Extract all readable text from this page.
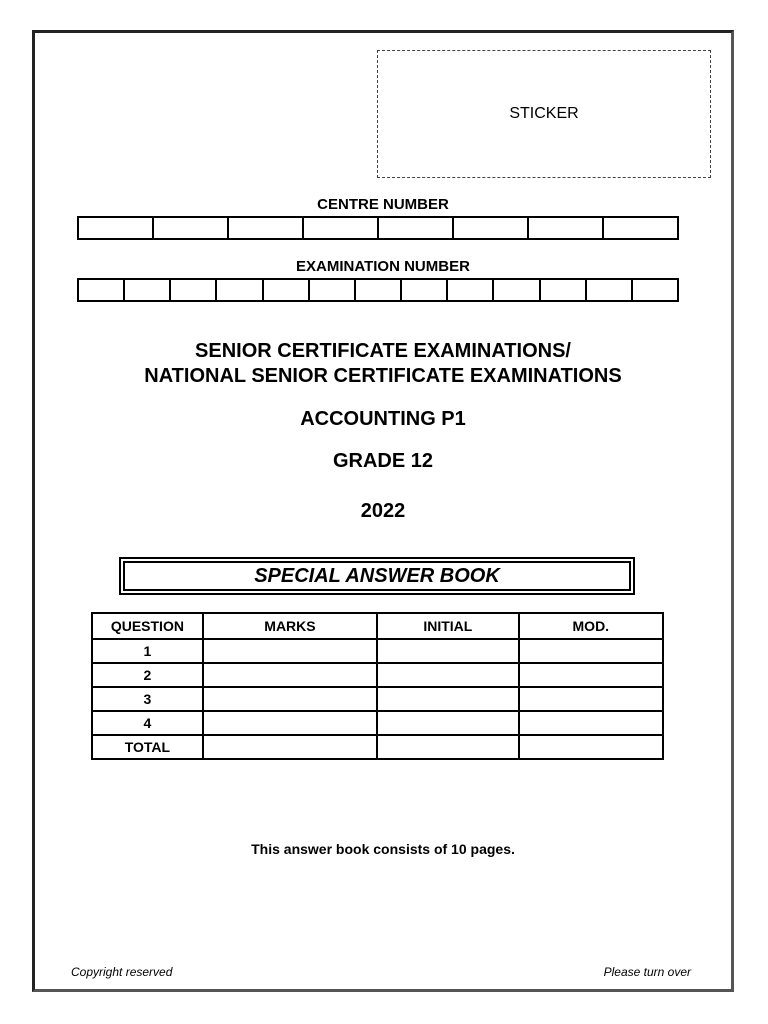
STICKER
CENTRE NUMBER
EXAMINATION NUMBER
SENIOR CERTIFICATE EXAMINATIONS/
NATIONAL SENIOR CERTIFICATE EXAMINATIONS
ACCOUNTING P1
GRADE 12
2022
SPECIAL ANSWER BOOK
QUESTION	MARKS	INITIAL	MOD.
1			
2			
3			
4			
TOTAL			
This answer book consists of 10 pages.
Copyright reserved	Please turn over
